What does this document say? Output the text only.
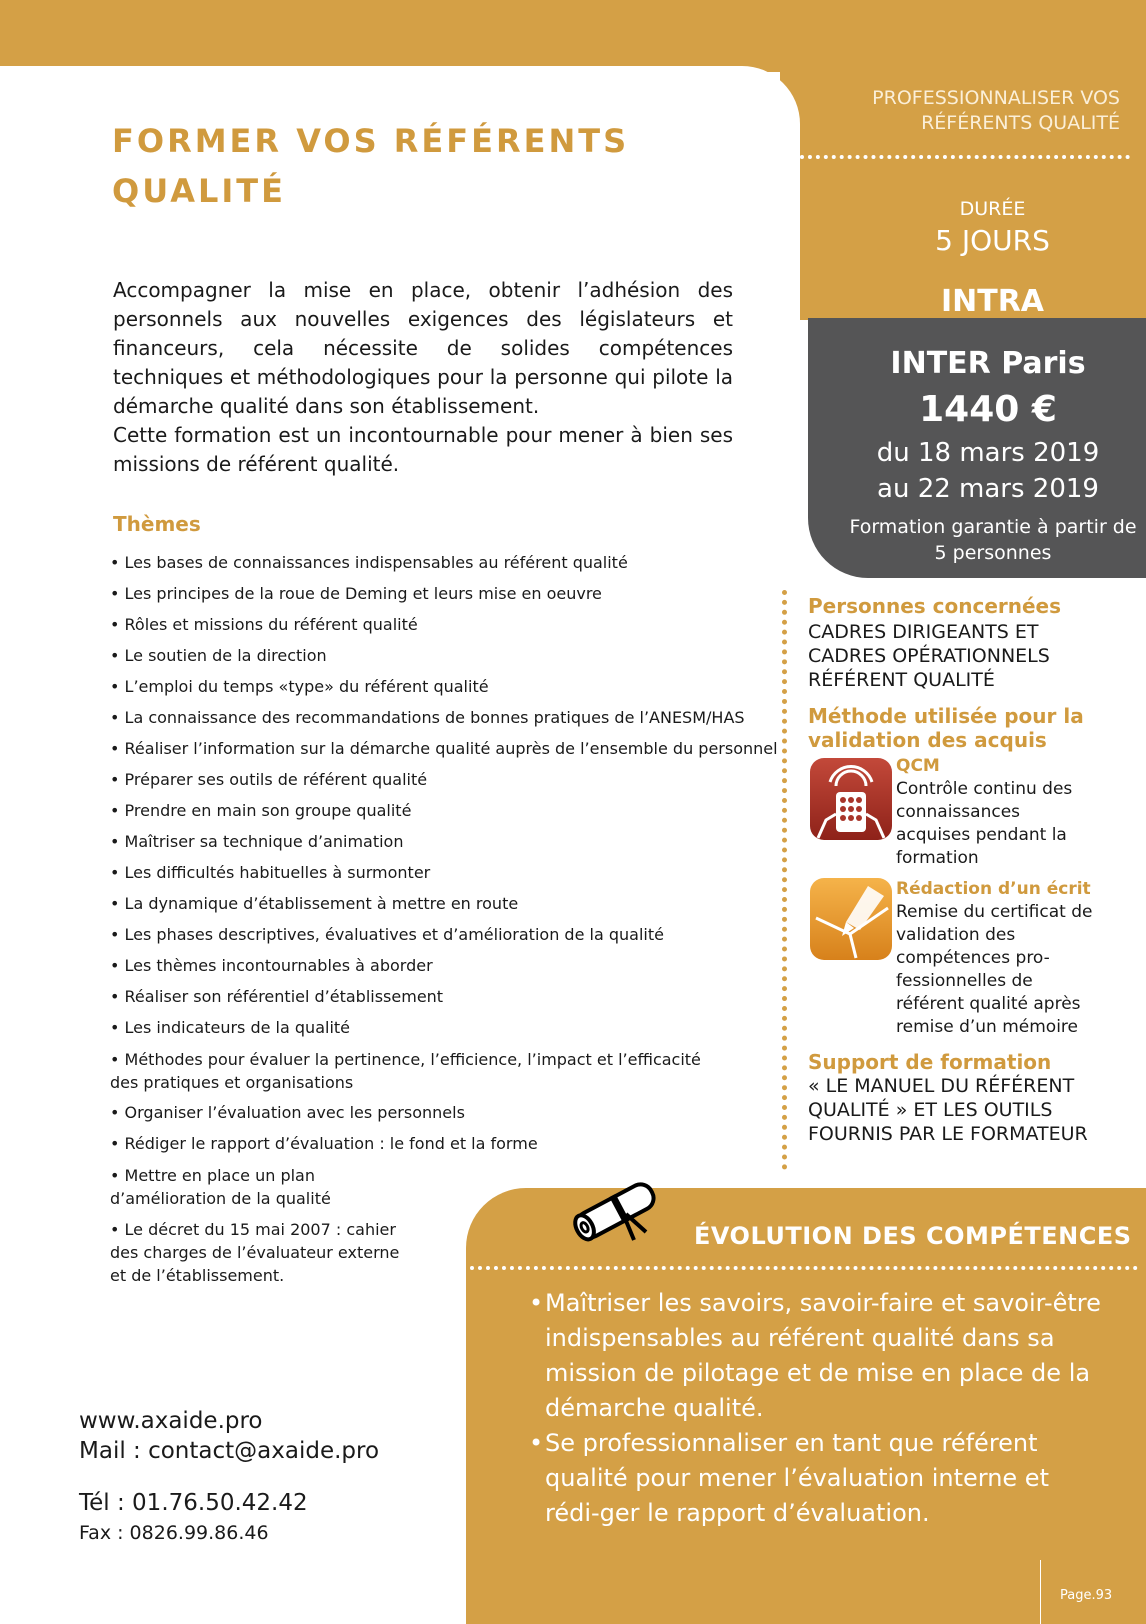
PROFESSIONNALISER VOS RÉFÉRENTS QUALITÉ
DURÉE
5 JOURS
INTRA
INTER Paris
1440 €
du 18 mars 2019
au 22 mars 2019
Formation garantie à partir de 5 personnes
FORMER VOS RÉFÉRENTS
QUALITÉ

Accompagner la mise en place, obtenir l’adhésion des personnels aux nouvelles exigences des législateurs et financeurs, cela nécessite de solides compétences techniques et méthodologiques pour la personne qui pilote la démarche qualité dans son établissement.

Cette formation est un incontournable pour mener à bien ses missions de référent qualité.

Thèmes
• Les bases de connaissances indispensables au référent qualité
• Les principes de la roue de Deming et leurs mise en oeuvre
• Rôles et missions du référent qualité
• Le soutien de la direction
• L’emploi du temps «type» du référent qualité
• La connaissance des recommandations de bonnes pratiques de l’ANESM/HAS
• Réaliser l’information sur la démarche qualité auprès de l’ensemble du personnel
• Préparer ses outils de référent qualité
• Prendre en main son groupe qualité
• Maîtriser sa technique d’animation
• Les difficultés habituelles à surmonter
• La dynamique d’établissement à mettre en route
• Les phases descriptives, évaluatives et d’amélioration de la qualité
• Les thèmes incontournables à aborder
• Réaliser son référentiel d’établissement
• Les indicateurs de la qualité
• Méthodes pour évaluer la pertinence, l’efficience, l’impact et l’efficacité des pratiques et organisations
• Organiser l’évaluation avec les personnels
• Rédiger le rapport d’évaluation : le fond et la forme
• Mettre en place un plan d’amélioration de la qualité
• Le décret du 15 mai 2007 : cahier des charges de l’évaluateur externe et de l’établissement.
Personnes concernées
CADRES DIRIGEANTS ET CADRES OPÉRATIONNELS RÉFÉRENT QUALITÉ
Méthode utilisée pour la validation des acquis
QCM
Contrôle continu des connaissances acquises pendant la formation
Rédaction d’un écrit
Remise du certificat de validation des compétences pro-fessionnelles de référent qualité après remise d’un mémoire
Support de formation
« LE MANUEL DU RÉFÉRENT QUALITÉ » ET LES OUTILS FOURNIS PAR LE FORMATEUR
ÉVOLUTION DES COMPÉTENCES
• Maîtriser les savoirs, savoir-faire et savoir-être indispensables au référent qualité dans sa mission de pilotage et de mise en place de la démarche qualité.
• Se professionnaliser en tant que référent qualité pour mener l’évaluation interne et rédi-ger le rapport d’évaluation.
www.axaide.pro
Mail : contact@axaide.pro
Tél : 01.76.50.42.42
Fax : 0826.99.86.46
Page.93
